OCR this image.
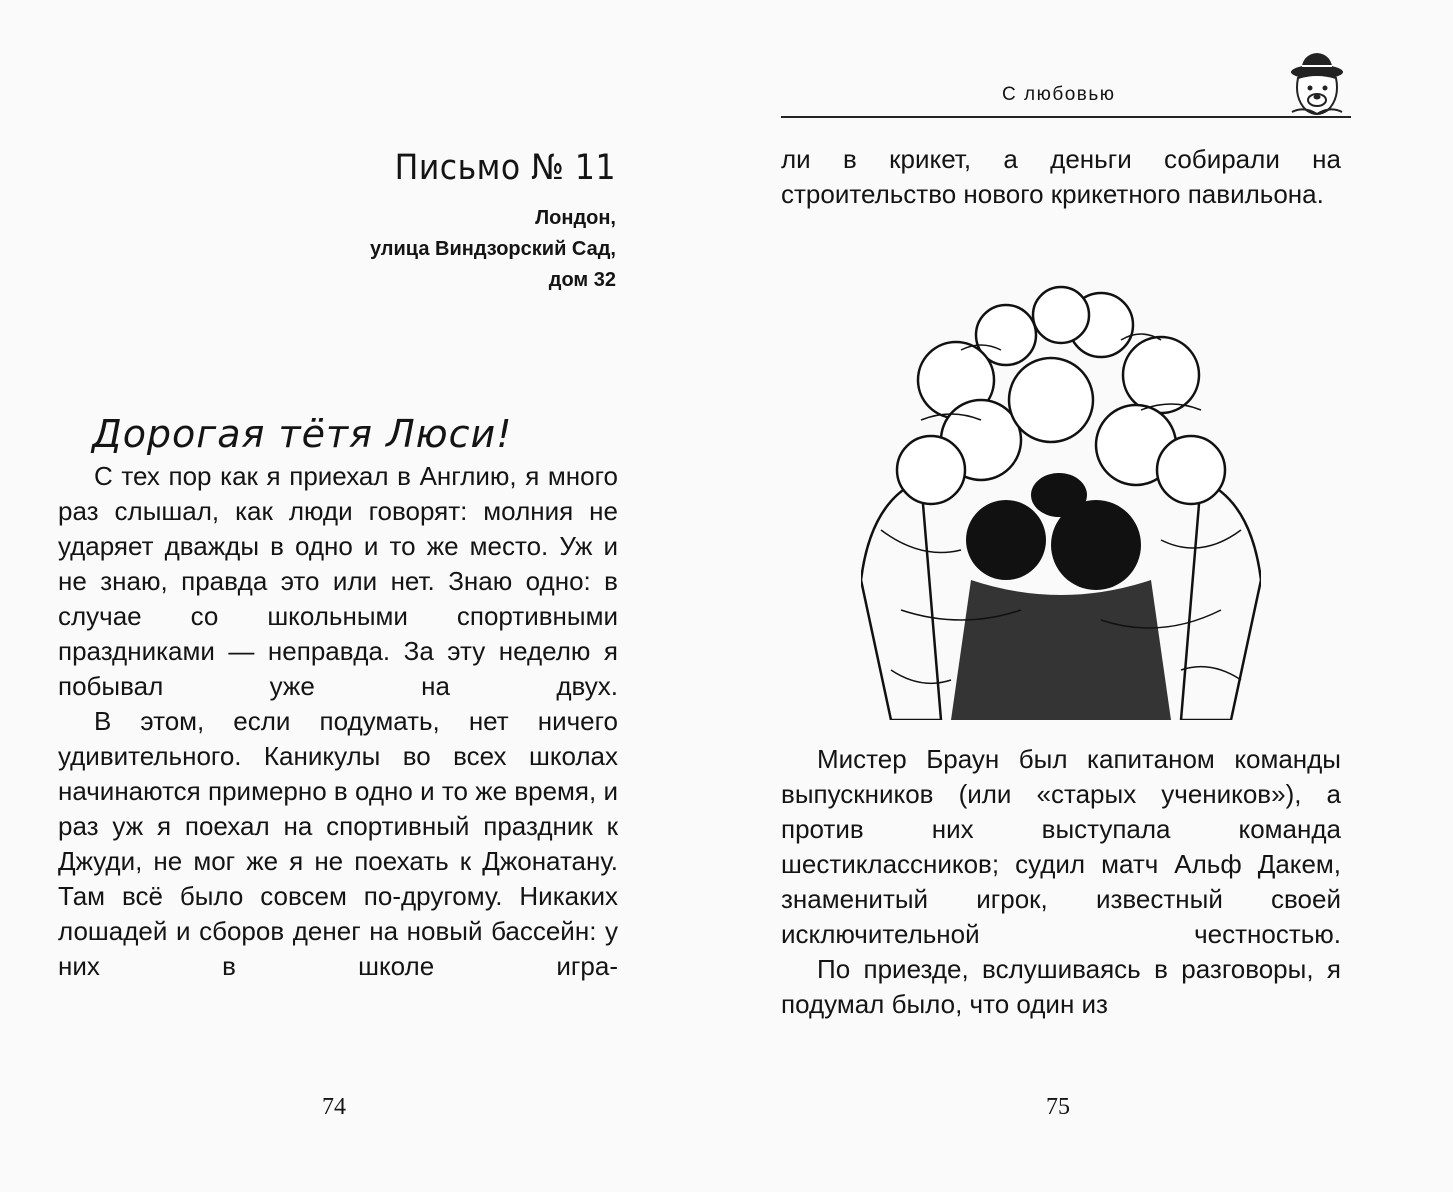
Письмо № 11
Лондон,
улица Виндзорский Сад,
дом 32
Дорогая тётя Люси!

С тех пор как я приехал в Англию, я много раз слышал, как люди говорят: молния не ударяет дважды в одно и то же место. Уж и не знаю, правда это или нет. Знаю одно: в случае со школьными спортивными праздниками — неправда. За эту неделю я побывал уже на двух.

В этом, если подумать, нет ничего удивительного. Каникулы во всех школах начинаются примерно в одно и то же время, и раз уж я поехал на спортивный праздник к Джуди, не мог же я не поехать к Джонатану. Там всё было совсем по-другому. Никаких лошадей и сборов денег на новый бассейн: у них в школе игра-

74
С любовью

ли в крикет, а деньги собирали на строительство нового крикетного павильона.

Мистер Браун был капитаном команды выпускников (или «старых учеников»), а против них выступала команда шестиклассников; судил матч Альф Дакем, знаменитый игрок, известный своей исключительной честностью.

По приезде, вслушиваясь в разговоры, я подумал было, что один из

75
